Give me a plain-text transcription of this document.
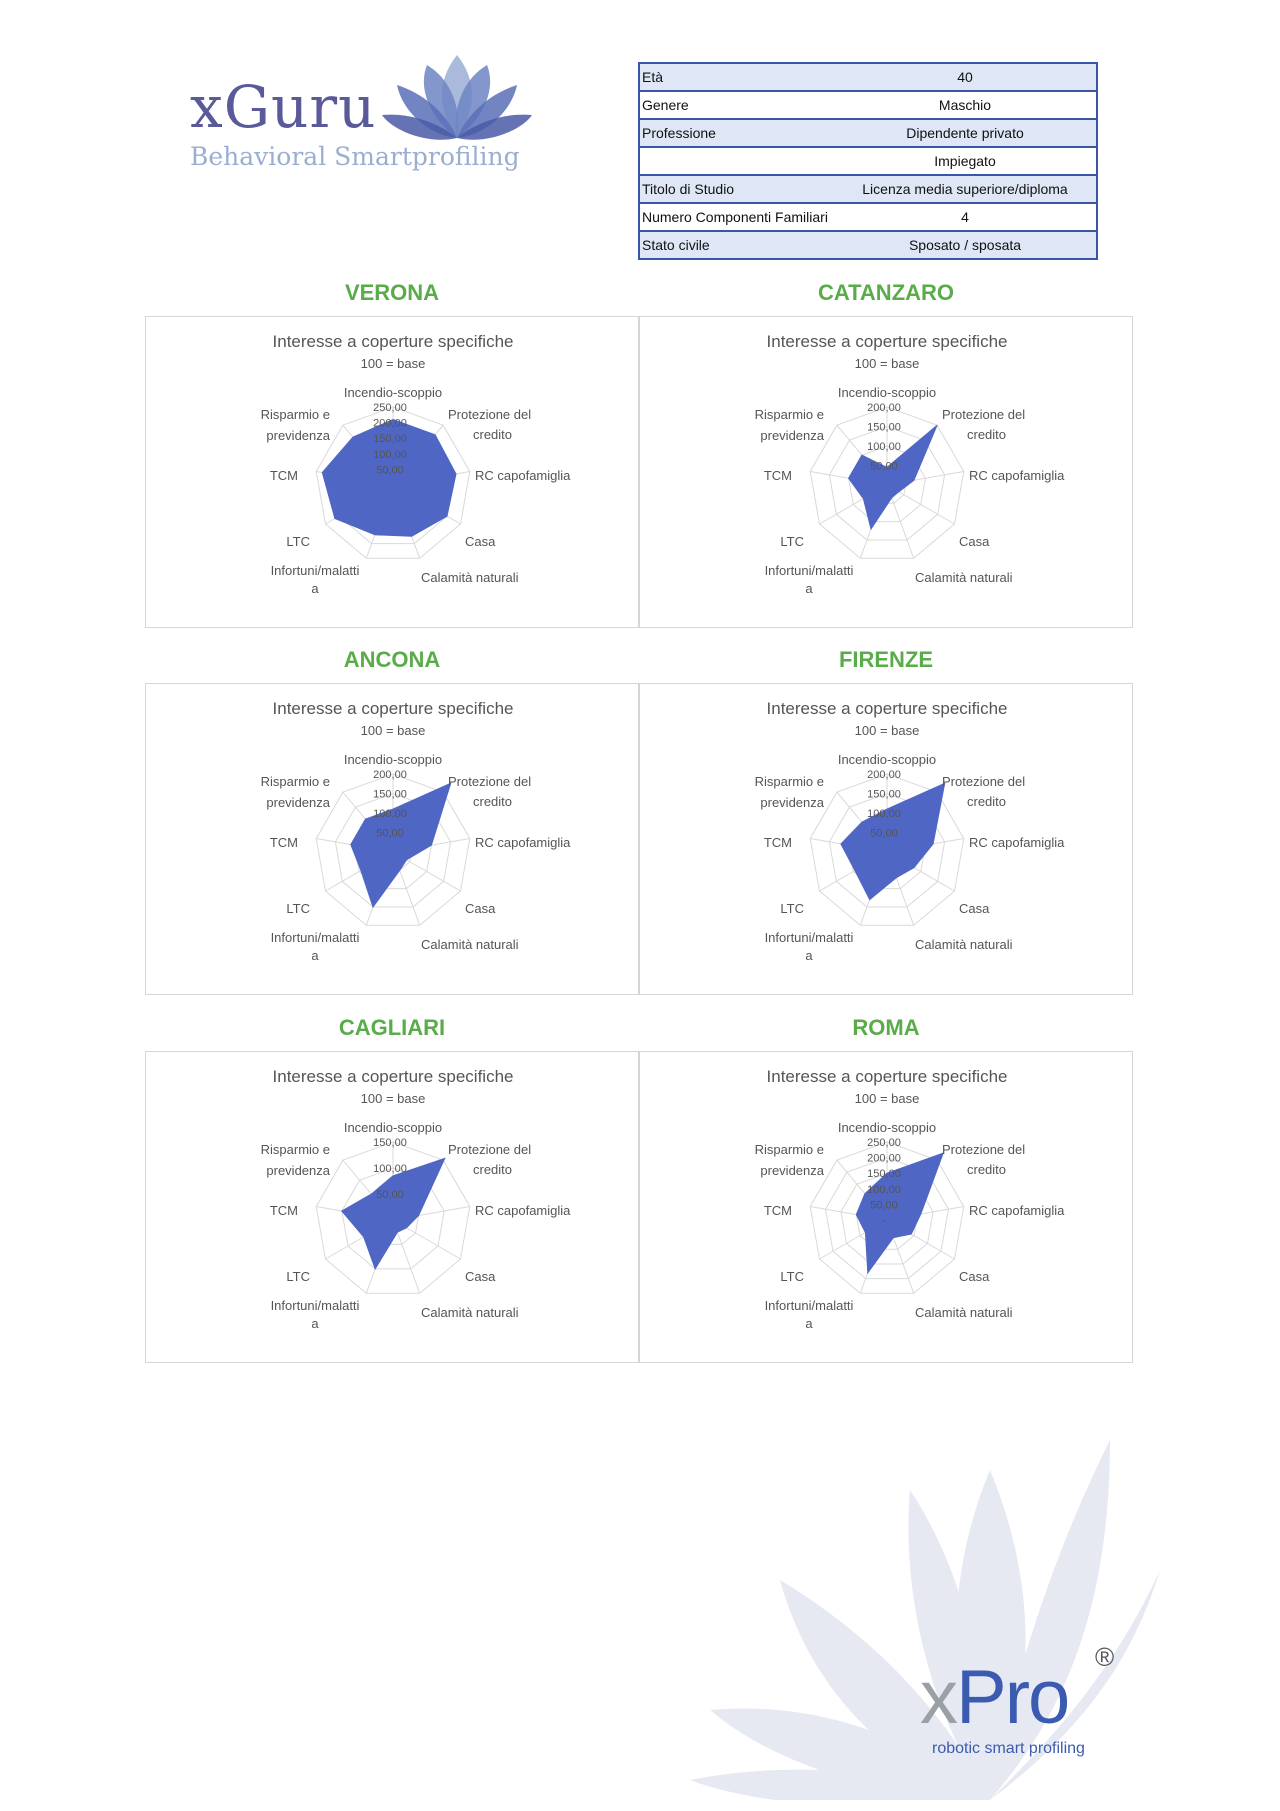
xGuru
Behavioral Smartprofiling
Età	40
Genere	Maschio
Professione	Dipendente privato
	Impiegato
Titolo di Studio	Licenza media superiore/diploma
Numero Componenti Familiari	4
Stato civile	Sposato / sposata
VERONA	CATANZARO
ANCONA	FIRENZE
CAGLIARI	ROMA
Interesse a coperture specifiche
100 = base
50,00
100,00
150,00
200,00
250,00
Incendio-scoppio
Protezione del credito
RC capofamiglia
Casa
Calamità naturali
Infortuni/malatti a
LTC
TCM
Risparmio e previdenza
Interesse a coperture specifiche
100 = base
50,00
100,00
150,00
200,00
Incendio-scoppio
Protezione del credito
RC capofamiglia
Casa
Calamità naturali
Infortuni/malatti a
LTC
TCM
Risparmio e previdenza
Interesse a coperture specifiche
100 = base
50,00
100,00
150,00
200,00
Incendio-scoppio
Protezione del credito
RC capofamiglia
Casa
Calamità naturali
Infortuni/malatti a
LTC
TCM
Risparmio e previdenza
Interesse a coperture specifiche
100 = base
50,00
100,00
150,00
200,00
Incendio-scoppio
Protezione del credito
RC capofamiglia
Casa
Calamità naturali
Infortuni/malatti a
LTC
TCM
Risparmio e previdenza
Interesse a coperture specifiche
100 = base
50,00
100,00
150,00
Incendio-scoppio
Protezione del credito
RC capofamiglia
Casa
Calamità naturali
Infortuni/malatti a
LTC
TCM
Risparmio e previdenza
Interesse a coperture specifiche
100 = base
-
50,00
100,00
150,00
200,00
250,00
Incendio-scoppio
Protezione del credito
RC capofamiglia
Casa
Calamità naturali
Infortuni/malatti a
LTC
TCM
Risparmio e previdenza
xPro ®
robotic smart profiling
